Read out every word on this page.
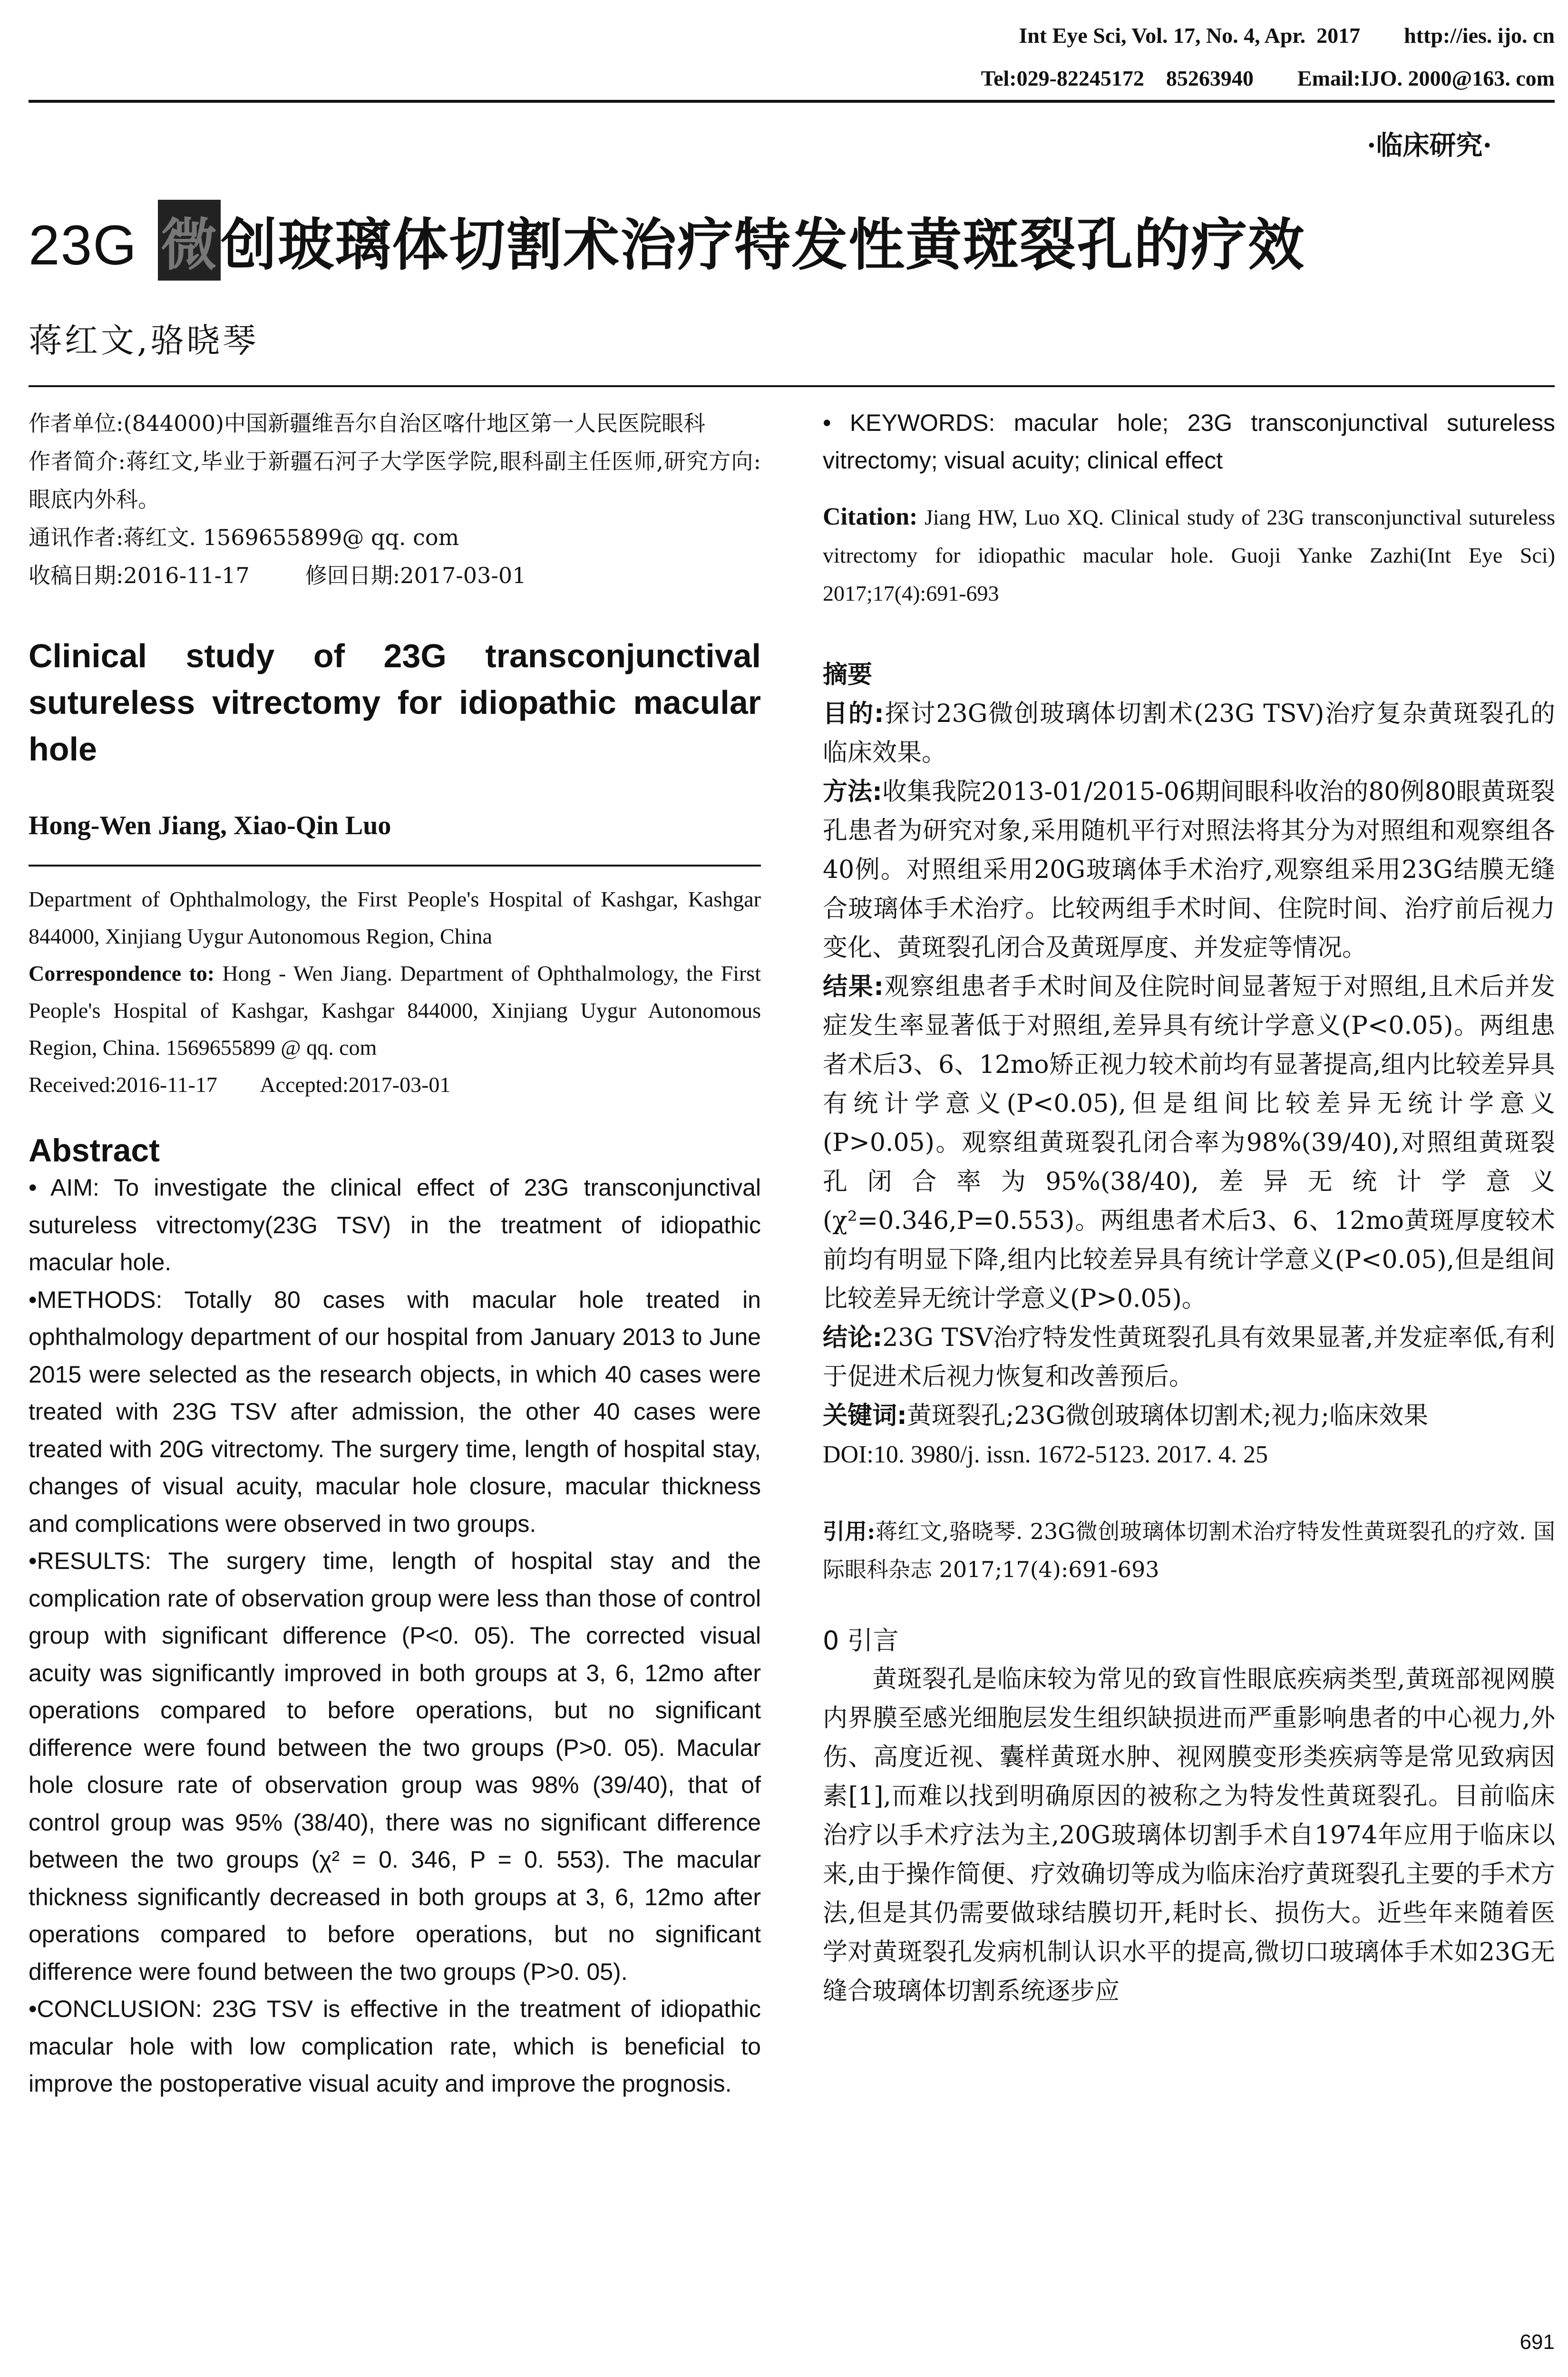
Int Eye Sci, Vol. 17, No. 4, Apr.  2017        http://ies. ijo. cn
Tel:029-82245172    85263940        Email:IJO. 2000@163. com
·临床研究·
23G 微创玻璃体切割术治疗特发性黄斑裂孔的疗效
蒋红文,骆晓琴
作者单位:(844000)中国新疆维吾尔自治区喀什地区第一人民医院眼科
作者简介:蒋红文,毕业于新疆石河子大学医学院,眼科副主任医师,研究方向:眼底内外科。
通讯作者:蒋红文. 1569655899@ qq. com
收稿日期:2016-11-17        修回日期:2017-03-01
Clinical study of 23G transconjunctival sutureless vitrectomy for idiopathic macular hole
Hong-Wen Jiang, Xiao-Qin Luo
Department of Ophthalmology, the First People's Hospital of Kashgar, Kashgar 844000, Xinjiang Uygur Autonomous Region, China
Correspondence to: Hong - Wen Jiang. Department of Ophthalmology, the First People's Hospital of Kashgar, Kashgar 844000, Xinjiang Uygur Autonomous Region, China. 1569655899 @ qq. com
Received:2016-11-17        Accepted:2017-03-01
Abstract
• AIM: To investigate the clinical effect of 23G transconjunctival sutureless vitrectomy(23G TSV) in the treatment of idiopathic macular hole.
•METHODS: Totally 80 cases with macular hole treated in ophthalmology department of our hospital from January 2013 to June 2015 were selected as the research objects, in which 40 cases were treated with 23G TSV after admission, the other 40 cases were treated with 20G vitrectomy. The surgery time, length of hospital stay, changes of visual acuity, macular hole closure, macular thickness and complications were observed in two groups.
•RESULTS: The surgery time, length of hospital stay and the complication rate of observation group were less than those of control group with significant difference (P<0. 05). The corrected visual acuity was significantly improved in both groups at 3, 6, 12mo after operations compared to before operations, but no significant difference were found between the two groups (P>0. 05). Macular hole closure rate of observation group was 98% (39/40), that of control group was 95% (38/40), there was no significant difference between the two groups (χ² = 0. 346, P = 0. 553). The macular thickness significantly decreased in both groups at 3, 6, 12mo after operations compared to before operations, but no significant difference were found between the two groups (P>0. 05).
•CONCLUSION: 23G TSV is effective in the treatment of idiopathic macular hole with low complication rate, which is beneficial to improve the postoperative visual acuity and improve the prognosis.
• KEYWORDS: macular hole; 23G transconjunctival sutureless vitrectomy; visual acuity; clinical effect
Citation: Jiang HW, Luo XQ. Clinical study of 23G transconjunctival sutureless vitrectomy for idiopathic macular hole. Guoji Yanke Zazhi(Int Eye Sci) 2017;17(4):691-693
摘要
目的:探讨23G微创玻璃体切割术(23G TSV)治疗复杂黄斑裂孔的临床效果。
方法:收集我院2013-01/2015-06期间眼科收治的80例80眼黄斑裂孔患者为研究对象,采用随机平行对照法将其分为对照组和观察组各40例。对照组采用20G玻璃体手术治疗,观察组采用23G结膜无缝合玻璃体手术治疗。比较两组手术时间、住院时间、治疗前后视力变化、黄斑裂孔闭合及黄斑厚度、并发症等情况。
结果:观察组患者手术时间及住院时间显著短于对照组,且术后并发症发生率显著低于对照组,差异具有统计学意义(P<0.05)。两组患者术后3、6、12mo矫正视力较术前均有显著提高,组内比较差异具有统计学意义(P<0.05),但是组间比较差异无统计学意义(P>0.05)。观察组黄斑裂孔闭合率为98%(39/40),对照组黄斑裂孔闭合率为95%(38/40),差异无统计学意义(χ²=0.346,P=0.553)。两组患者术后3、6、12mo黄斑厚度较术前均有明显下降,组内比较差异具有统计学意义(P<0.05),但是组间比较差异无统计学意义(P>0.05)。
结论:23G TSV治疗特发性黄斑裂孔具有效果显著,并发症率低,有利于促进术后视力恢复和改善预后。
关键词:黄斑裂孔;23G微创玻璃体切割术;视力;临床效果
DOI:10. 3980/j. issn. 1672-5123. 2017. 4. 25
引用:蒋红文,骆晓琴. 23G微创玻璃体切割术治疗特发性黄斑裂孔的疗效. 国际眼科杂志 2017;17(4):691-693
0 引言
黄斑裂孔是临床较为常见的致盲性眼底疾病类型,黄斑部视网膜内界膜至感光细胞层发生组织缺损进而严重影响患者的中心视力,外伤、高度近视、囊样黄斑水肿、视网膜变形类疾病等是常见致病因素[1],而难以找到明确原因的被称之为特发性黄斑裂孔。目前临床治疗以手术疗法为主,20G玻璃体切割手术自1974年应用于临床以来,由于操作简便、疗效确切等成为临床治疗黄斑裂孔主要的手术方法,但是其仍需要做球结膜切开,耗时长、损伤大。近些年来随着医学对黄斑裂孔发病机制认识水平的提高,微切口玻璃体手术如23G无缝合玻璃体切割系统逐步应
691
